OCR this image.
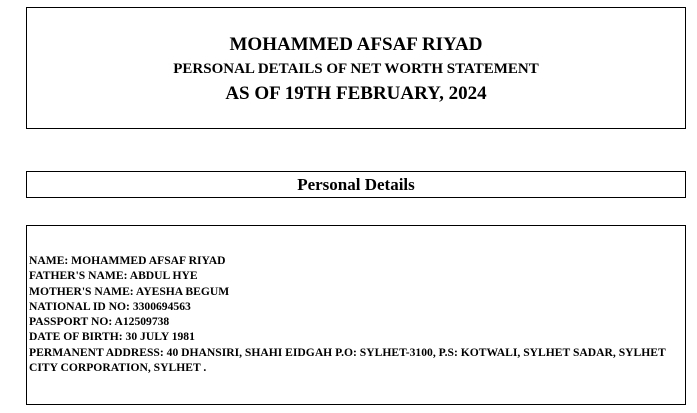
MOHAMMED AFSAF RIYAD
PERSONAL DETAILS OF NET WORTH STATEMENT
AS OF 19TH FEBRUARY, 2024
Personal Details
NAME: MOHAMMED AFSAF RIYAD
FATHER'S NAME: ABDUL HYE
MOTHER'S NAME: AYESHA BEGUM
NATIONAL ID NO: 3300694563
PASSPORT NO: A12509738
DATE OF BIRTH: 30 JULY 1981
PERMANENT ADDRESS: 40 DHANSIRI, SHAHI EIDGAH P.O: SYLHET-3100, P.S: KOTWALI, SYLHET SADAR, SYLHET CITY CORPORATION, SYLHET .
